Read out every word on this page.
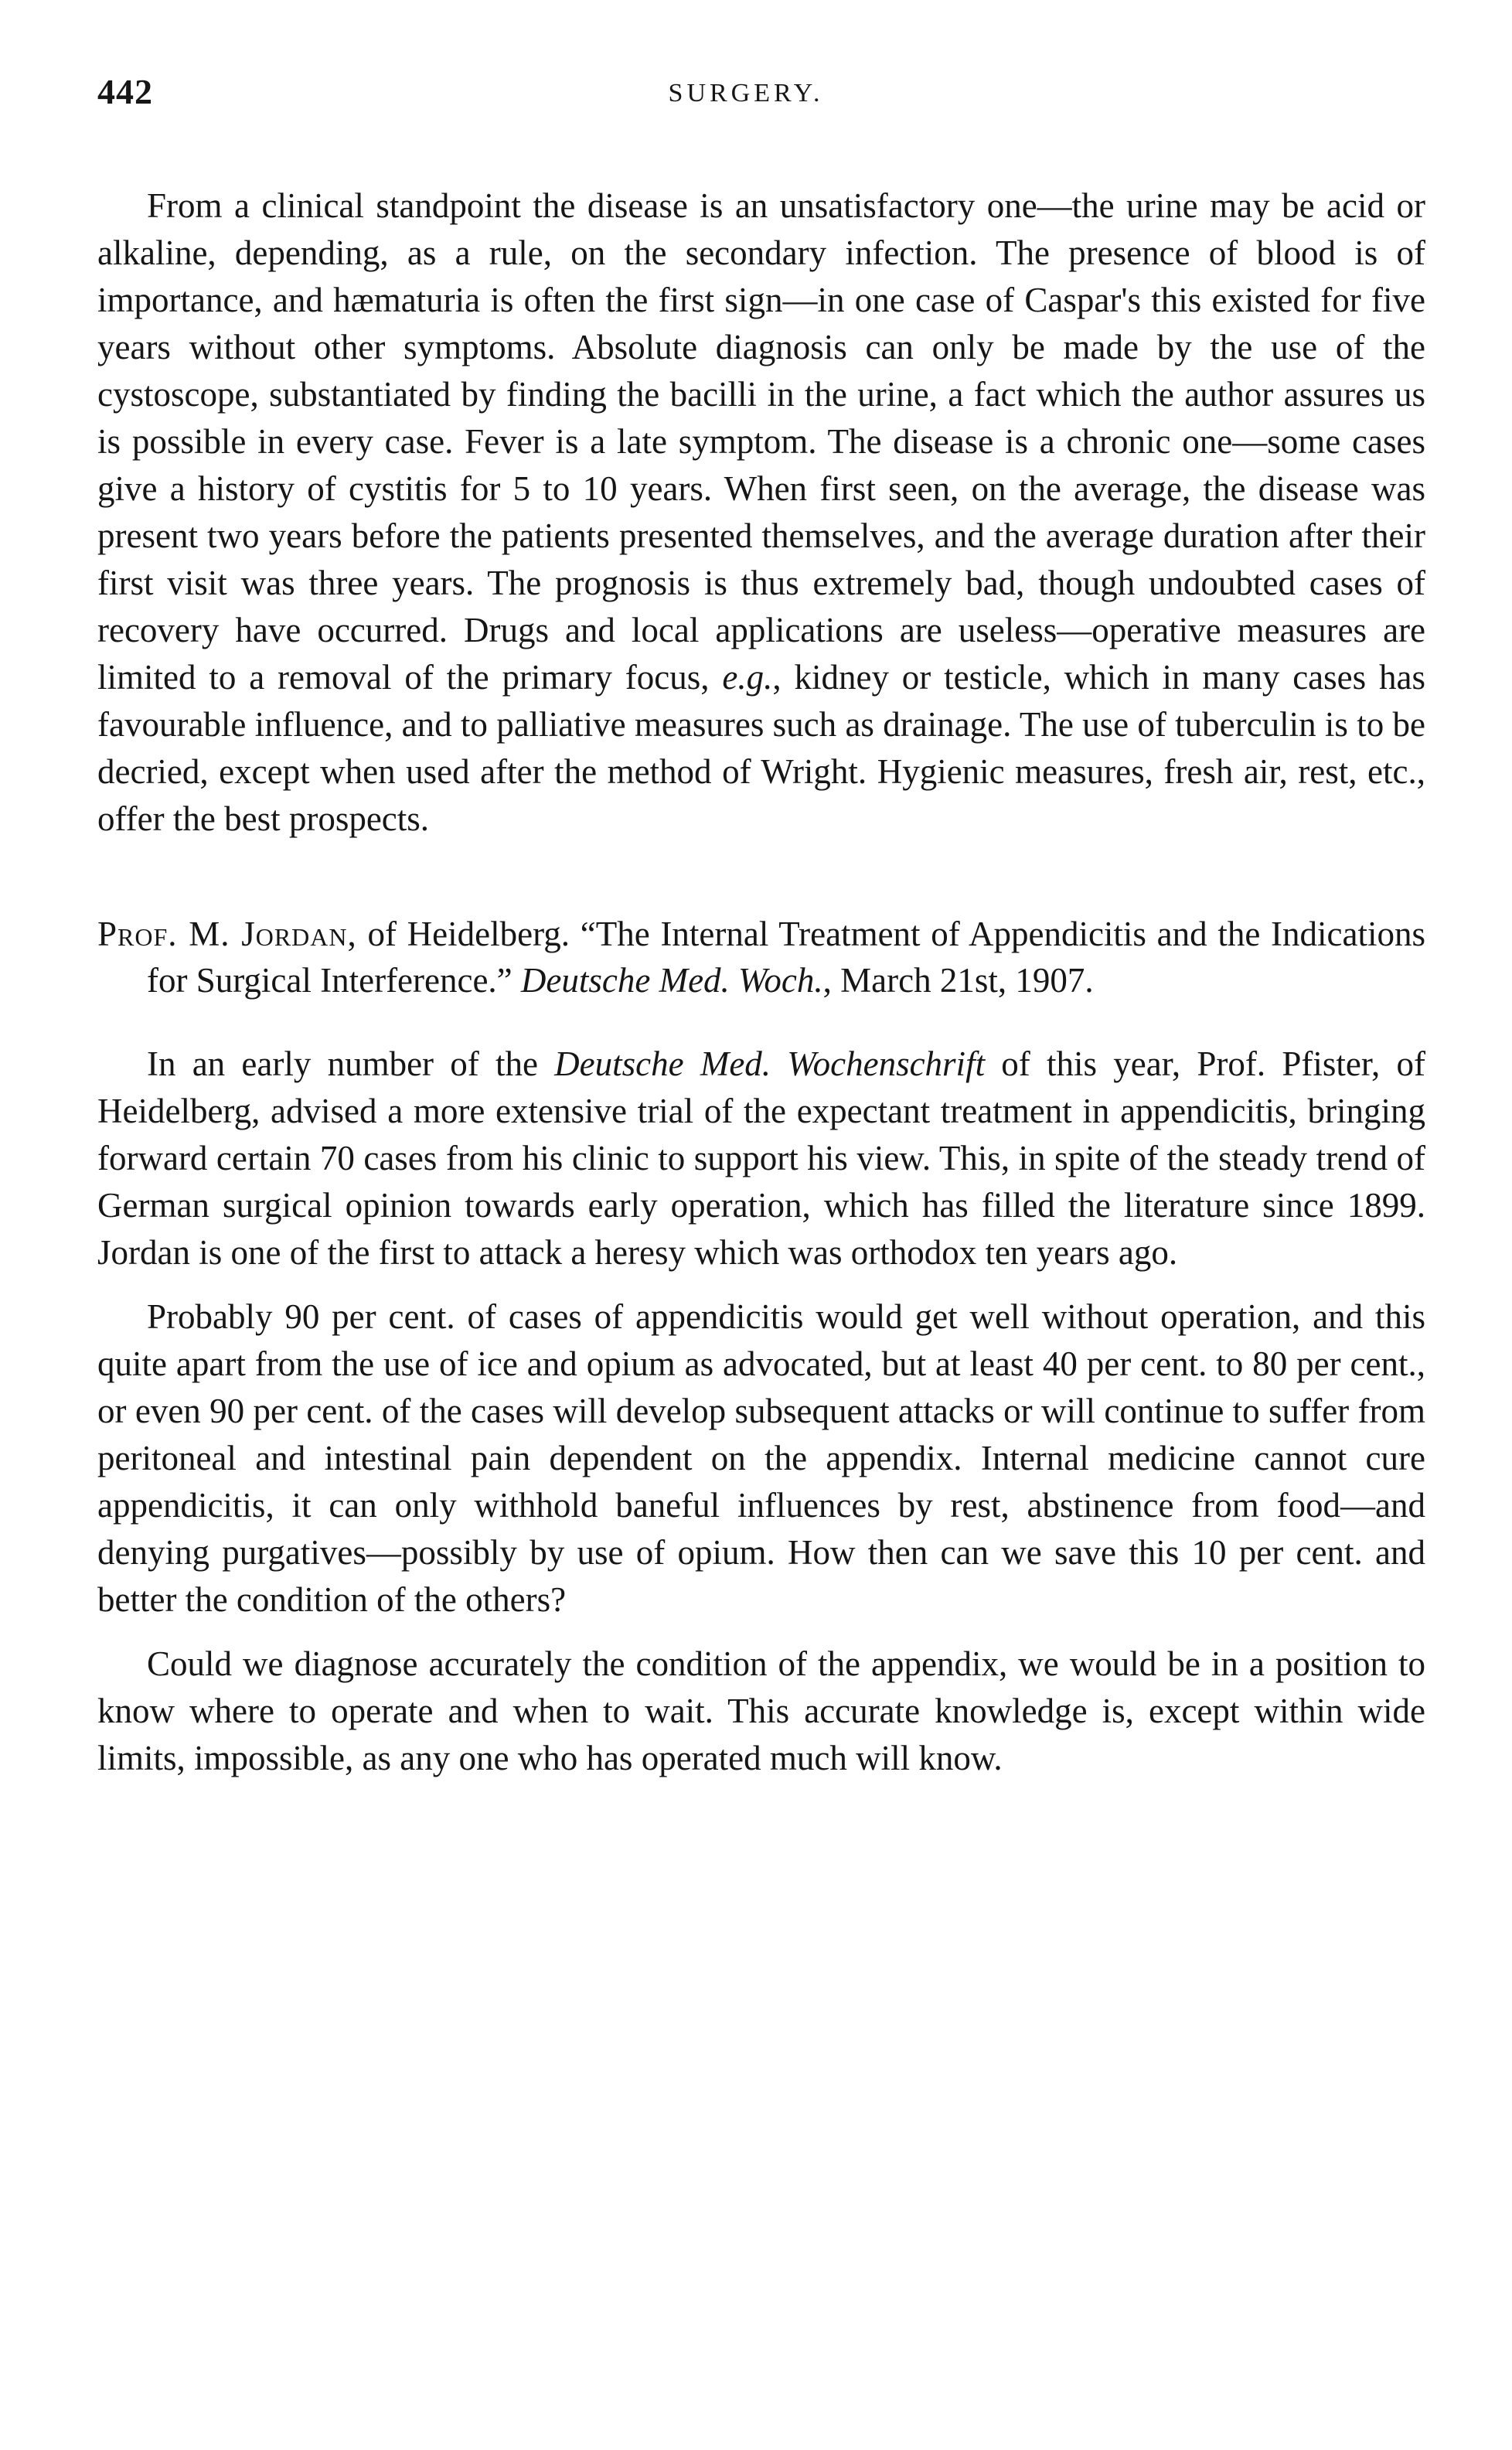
442	SURGERY.

From a clinical standpoint the disease is an unsatisfactory one—the urine may be acid or alkaline, depending, as a rule, on the secondary infection. The presence of blood is of importance, and hæmaturia is often the first sign—in one case of Caspar's this existed for five years without other symptoms. Absolute diagnosis can only be made by the use of the cystoscope, substantiated by finding the bacilli in the urine, a fact which the author assures us is possible in every case. Fever is a late symptom. The disease is a chronic one—some cases give a history of cystitis for 5 to 10 years. When first seen, on the average, the disease was present two years before the patients presented themselves, and the average duration after their first visit was three years. The prognosis is thus extremely bad, though undoubted cases of recovery have occurred. Drugs and local applications are useless—operative measures are limited to a removal of the primary focus, e.g., kidney or testicle, which in many cases has favourable influence, and to palliative measures such as drainage. The use of tuberculin is to be decried, except when used after the method of Wright. Hygienic measures, fresh air, rest, etc., offer the best prospects.

Prof. M. Jordan, of Heidelberg. “The Internal Treatment of Appendicitis and the Indications for Surgical Interference.” Deutsche Med. Woch., March 21st, 1907.

In an early number of the Deutsche Med. Wochenschrift of this year, Prof. Pfister, of Heidelberg, advised a more extensive trial of the expectant treatment in appendicitis, bringing forward certain 70 cases from his clinic to support his view. This, in spite of the steady trend of German surgical opinion towards early operation, which has filled the literature since 1899. Jordan is one of the first to attack a heresy which was orthodox ten years ago.

Probably 90 per cent. of cases of appendicitis would get well without operation, and this quite apart from the use of ice and opium as advocated, but at least 40 per cent. to 80 per cent., or even 90 per cent. of the cases will develop subsequent attacks or will continue to suffer from peritoneal and intestinal pain dependent on the appendix. Internal medicine cannot cure appendicitis, it can only withhold baneful influences by rest, abstinence from food—and denying purgatives—possibly by use of opium. How then can we save this 10 per cent. and better the condition of the others?

Could we diagnose accurately the condition of the appendix, we would be in a position to know where to operate and when to wait. This accurate knowledge is, except within wide limits, impossible, as any one who has operated much will know.
